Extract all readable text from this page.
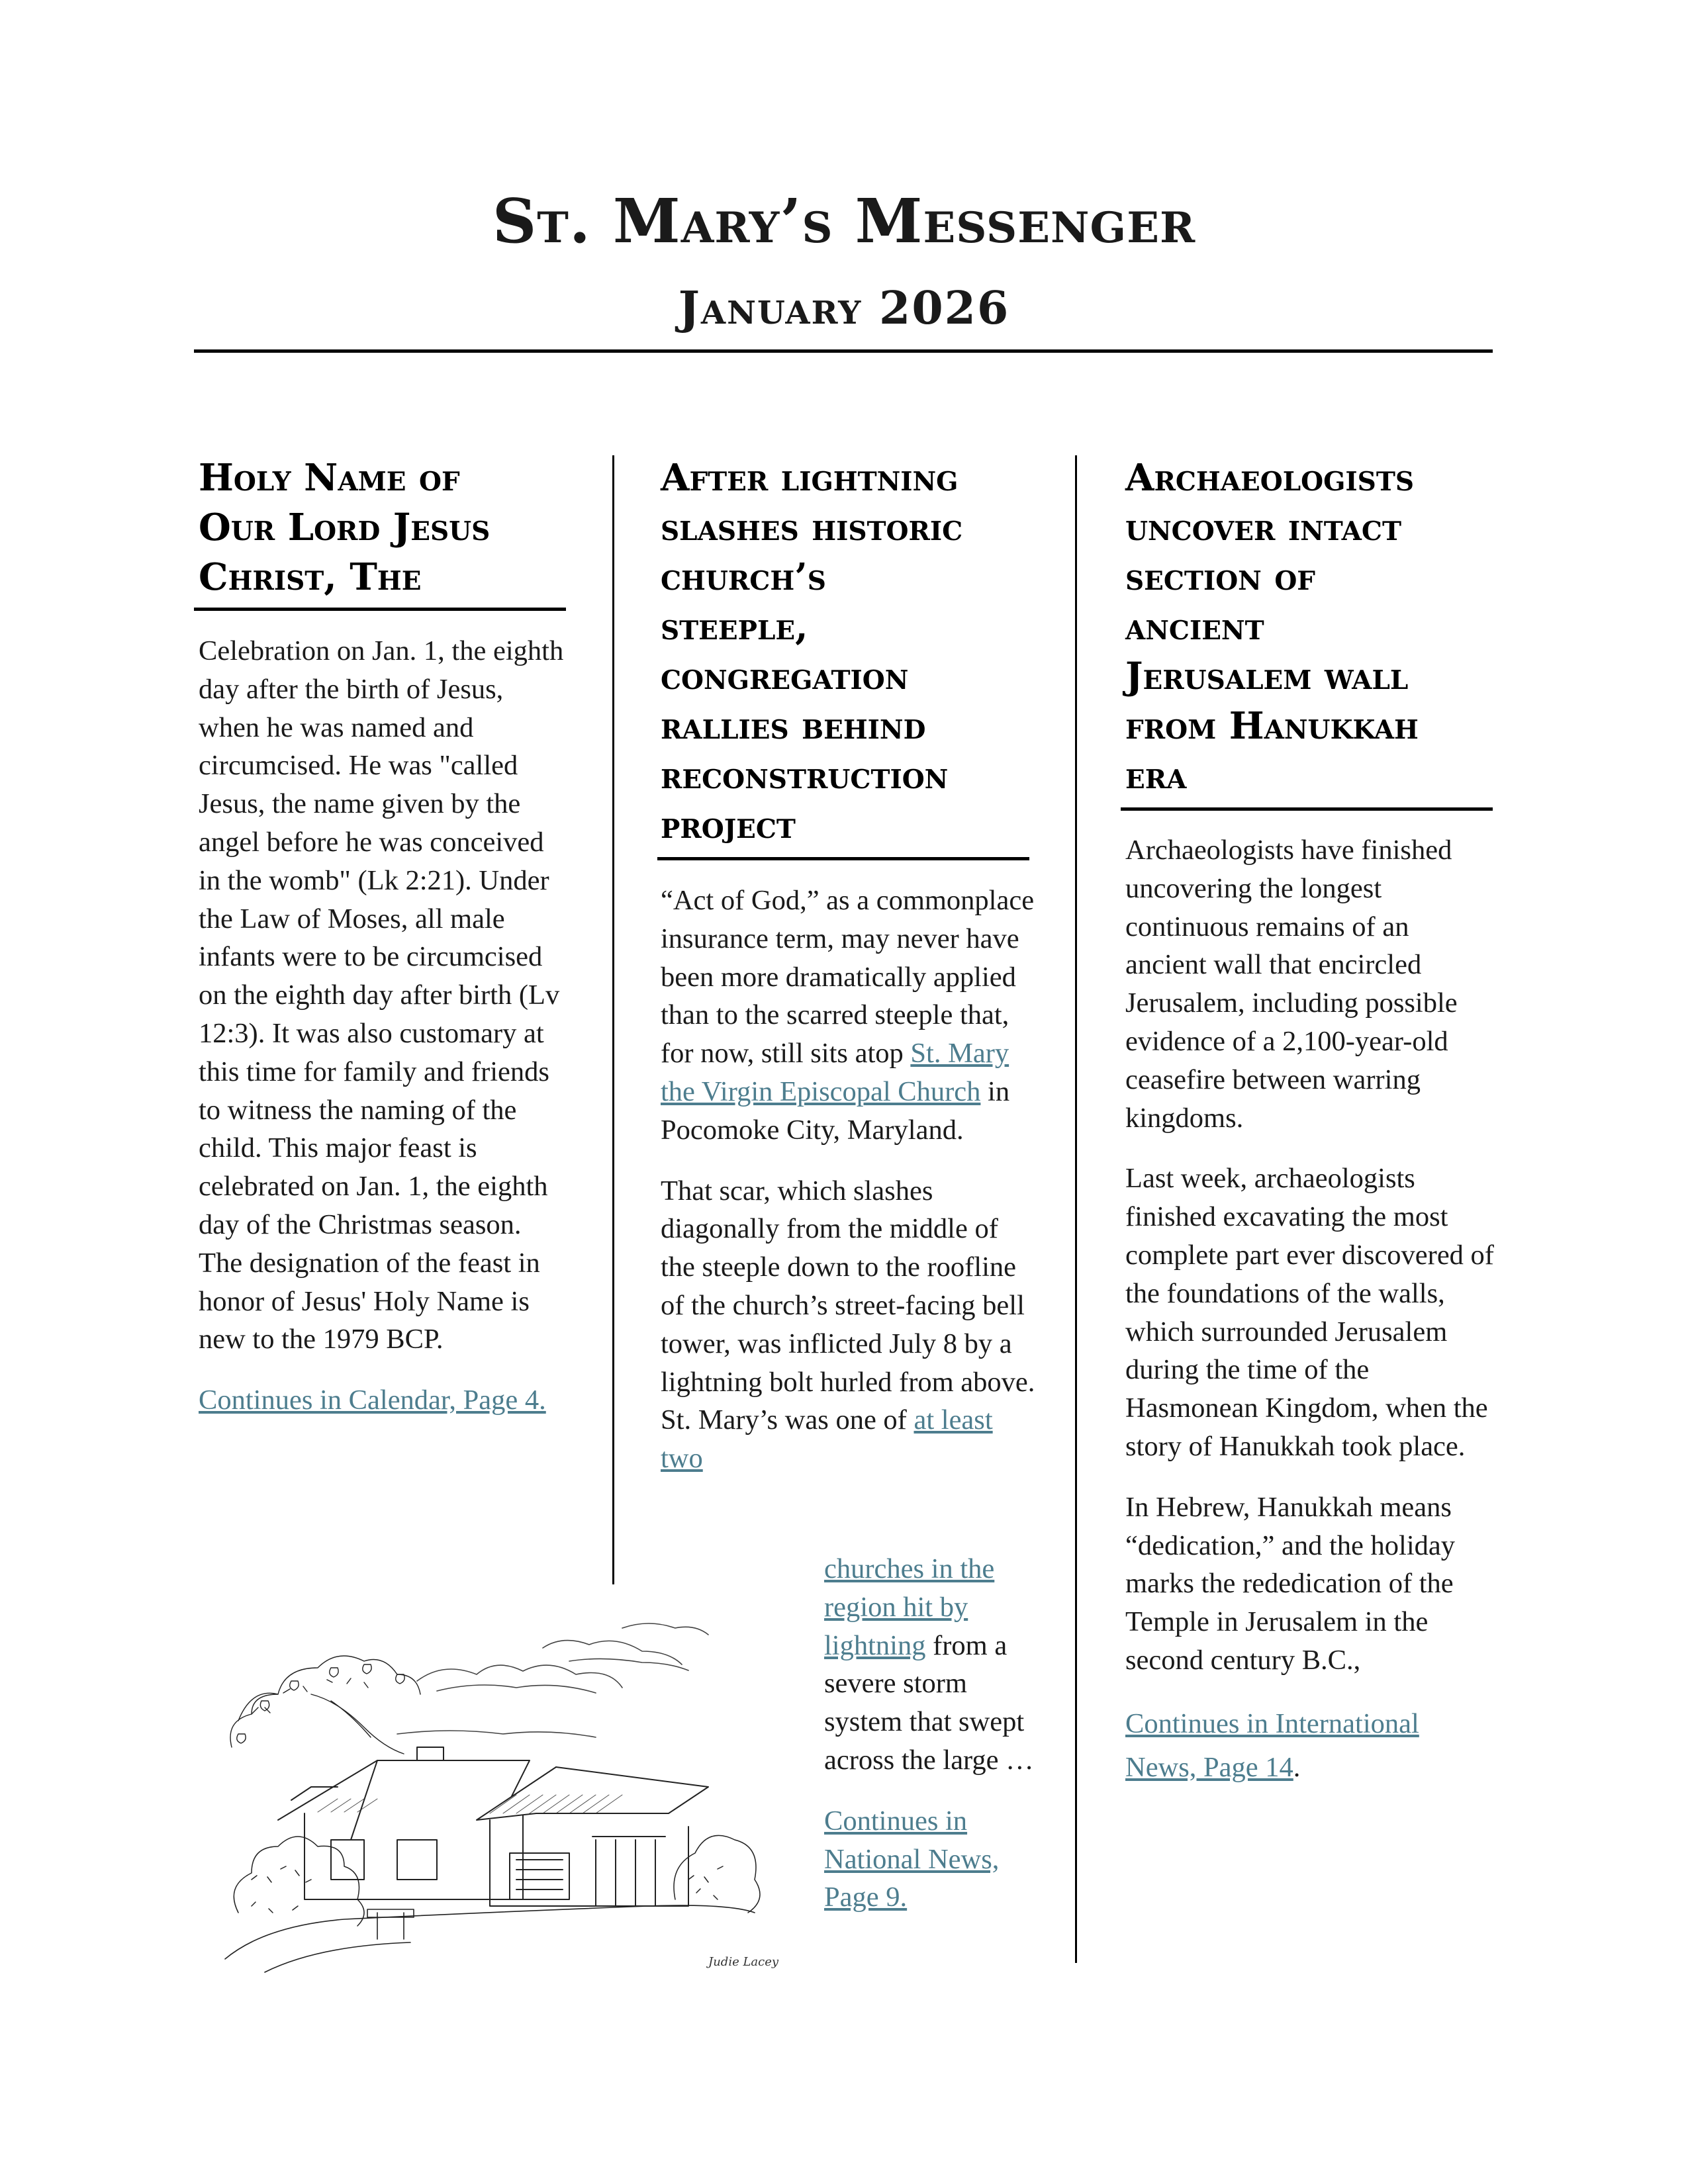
St. Mary’s Messenger
January 2026
Holy Name of
Our Lord Jesus
Christ, The

Celebration on Jan. 1, the eighth day after the birth of Jesus, when he was named and circumcised. He was "called Jesus, the name given by the angel before he was conceived in the womb" (Lk 2:21). Under the Law of Moses, all male infants were to be circumcised on the eighth day after birth (Lv 12:3). It was also customary at this time for family and friends to witness the naming of the child. This major feast is celebrated on Jan. 1, the eighth day of the Christmas season. The designation of the feast in honor of Jesus' Holy Name is new to the 1979 BCP.

Continues in Calendar, Page 4.

After lightning
slashes historic
church’s
steeple,
congregation
rallies behind
reconstruction
project

“Act of God,” as a commonplace insurance term, may never have been more dramatically applied than to the scarred steeple that, for now, still sits atop St. Mary the Virgin Episcopal Church in Pocomoke City, Maryland.

That scar, which slashes diagonally from the middle of the steeple down to the roofline of the church’s street-facing bell tower, was inflicted July 8 by a lightning bolt hurled from above. St. Mary’s was one of at least two

churches in the region hit by lightning from a severe storm system that swept across the large …

Continues in National News, Page 9.

Archaeologists
uncover intact
section of
ancient
Jerusalem wall
from Hanukkah
era

Archaeologists have finished uncovering the longest continuous remains of an ancient wall that encircled Jerusalem, including possible evidence of a 2,100-year-old ceasefire between warring kingdoms.

Last week, archaeologists finished excavating the most complete part ever discovered of the foundations of the walls, which surrounded Jerusalem during the time of the Hasmonean Kingdom, when the story of Hanukkah took place.

In Hebrew, Hanukkah means “dedication,” and the holiday marks the rededication of the Temple in Jerusalem in the second century B.C.,

Continues in International News, Page 14.

Judie Lacey
